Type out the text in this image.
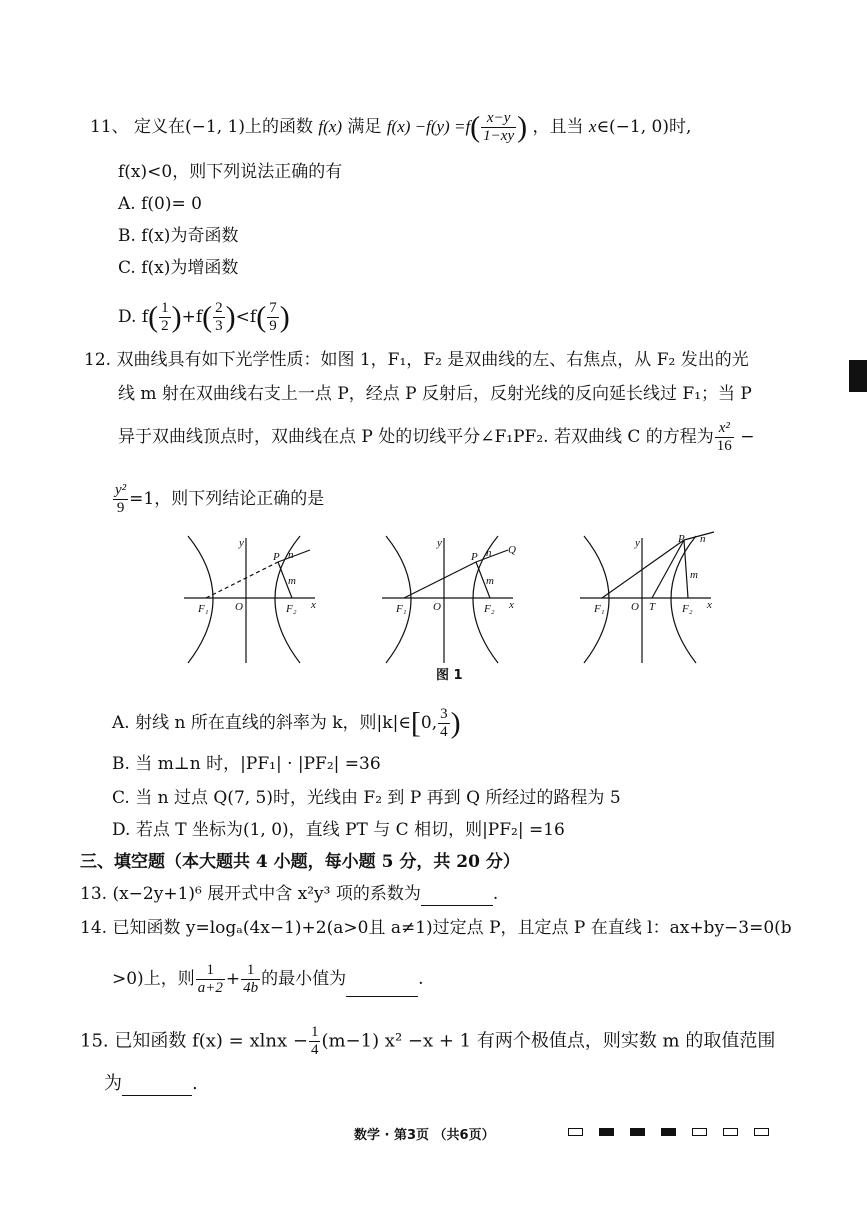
11、 定义在(−1, 1)上的函数 f(x) 满足 $f(x) -f(y) =f( \frac{x-y}{1-xy}$ ) ，且当 x∈(−1, 0)时,
f(x)<0，则下列说法正确的有
A. f(0)= 0
B. f(x)为奇函数
C. f(x)为增函数
D. $f( \frac{1}{2} )+f( \frac{2}{3} )<f( \frac{7}{9}$ )
12. 双曲线具有如下光学性质：如图 1，F₁，F₂ 是双曲线的左、右焦点，从 F₂ 发出的光
线 m 射在双曲线右支上一点 P，经点 P 反射后，反射光线的反向延长线过 F₁；当 P
异于双曲线顶点时，双曲线在点 P 处的切线平分∠F₁PF₂. 若双曲线 C 的方程为 $\frac{\text{x²}}{16}$ −
$\frac{\text{y²}}{9} =1$，则下列结论正确的是
y
x
O
F₁	F₂
P n
m
y
x
O
F₁	F₂
P n Q
m
y
x
O
F₁	T F₂
P n
m
图 1
A. 射线 n 所在直线的斜率为 k，则|k|∈[0, $\frac{3}{4}$ )
B. 当 m⊥n 时，|PF₁| · |PF₂| =36
C. 当 n 过点 Q(7, 5)时，光线由 F₂ 到 P 再到 Q 所经过的路程为 5
D. 若点 T 坐标为(1, 0)，直线 PT 与 C 相切，则|PF₂| =16
三、填空题（本大题共 4 小题，每小题 5 分，共 20 分）
13. (x−2y+1)⁶ 展开式中含 x²y³ 项的系数为	.
14. 已知函数 y=logₐ(4x−1)+2(a>0且 a≠1)过定点 P，且定点 P 在直线 l：ax+by−3=0(b
>0)上，则 $\frac{1}{a+2} + \frac{1}{4b}$ 的最小值为	.
15. 已知函数 $f(x) = xlnx - \frac{1}{4} (m-1)$ x² −x + 1 有两个极值点，则实数 m 的取值范围
为	.
数学 · 第3页 （共6页）
